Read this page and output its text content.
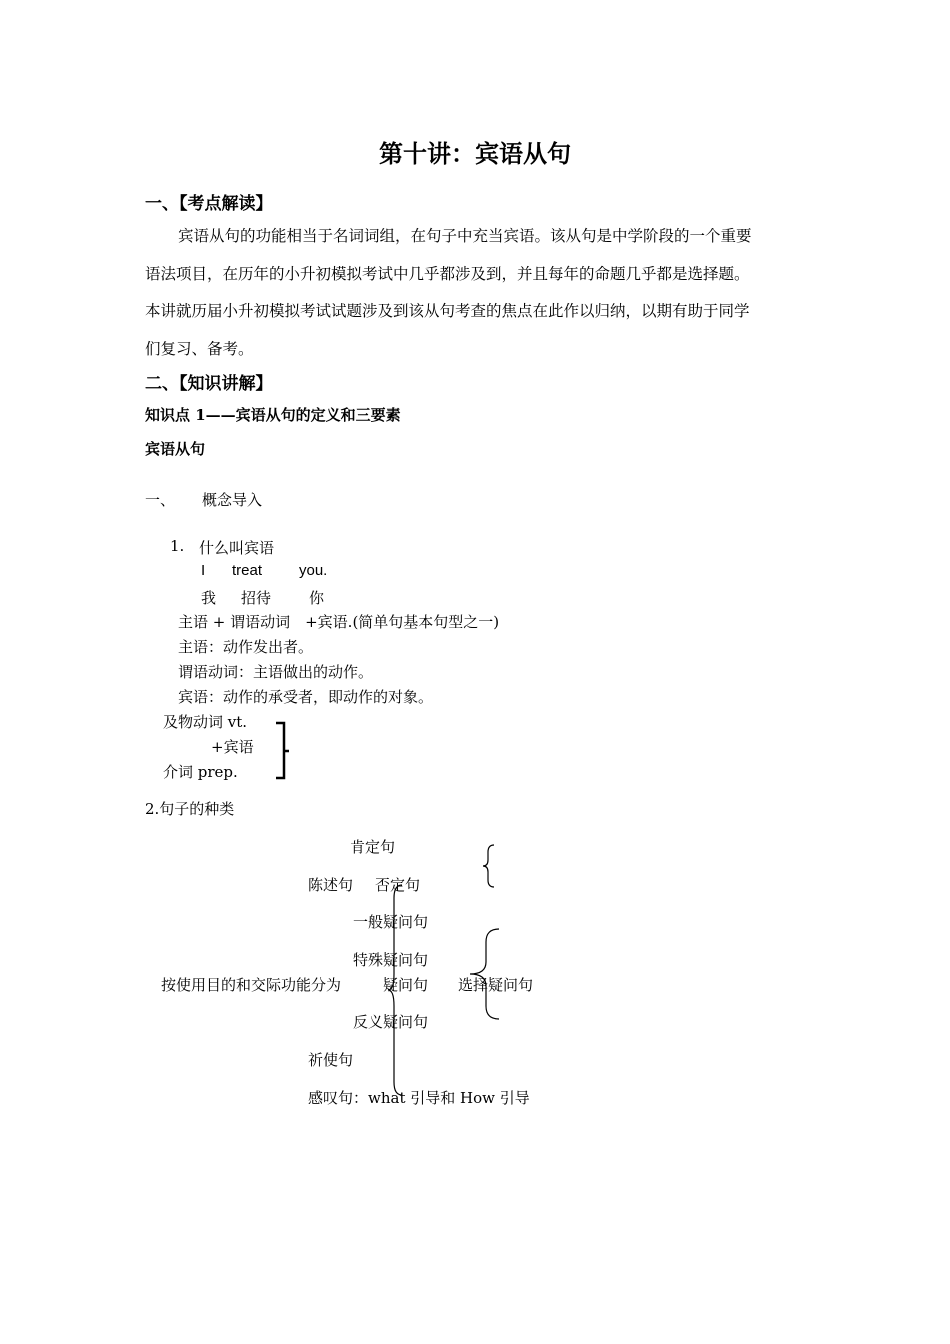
第十讲：宾语从句
一、【考点解读】
宾语从句的功能相当于名词词组，在句子中充当宾语。该从句是中学阶段的一个重要
语法项目，在历年的小升初模拟考试中几乎都涉及到，并且每年的命题几乎都是选择题。
本讲就历届小升初模拟考试试题涉及到该从句考查的焦点在此作以归纳，以期有助于同学
们复习、备考。
二、【知识讲解】
知识点 1——宾语从句的定义和三要素
宾语从句
一、 概念导入
1. 什么叫宾语
I treat you.
我 招待	你
主语 + 谓语动词　+宾语.(简单句基本句型之一)
主语：动作发出者。
谓语动词：主语做出的动作。
宾语：动作的承受者，即动作的对象。
及物动词 vt.
+宾语
介词 prep.
2.句子的种类
肯定句
陈述句 否定句
一般疑问句
特殊疑问句
按使用目的和交际功能分为	疑问句 选择疑问句
反义疑问句
祈使句
感叹句：what 引导和 How 引导
